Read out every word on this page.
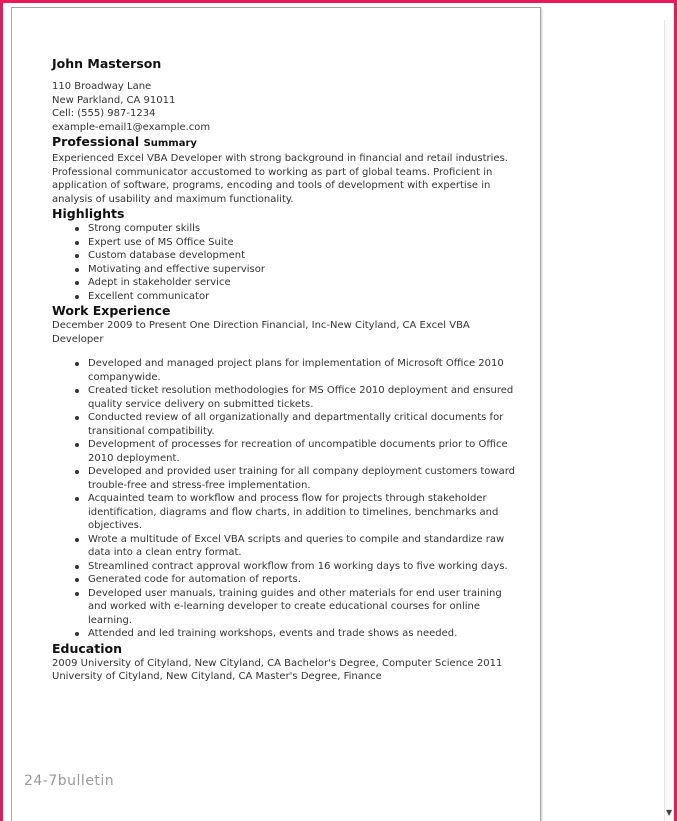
John Masterson
110 Broadway Lane
New Parkland, CA 91011
Cell: (555) 987-1234
example-email1@example.com
Professional Summary
Experienced Excel VBA Developer with strong background in financial and retail industries. Professional communicator accustomed to working as part of global teams. Proficient in application of software, programs, encoding and tools of development with expertise in analysis of usability and maximum functionality.
Highlights
Strong computer skills
Expert use of MS Office Suite
Custom database development
Motivating and effective supervisor
Adept in stakeholder service
Excellent communicator
Work Experience
December 2009 to Present One Direction Financial, Inc-New Cityland, CA Excel VBA Developer
Developed and managed project plans for implementation of Microsoft Office 2010 companywide.
Created ticket resolution methodologies for MS Office 2010 deployment and ensured quality service delivery on submitted tickets.
Conducted review of all organizationally and departmentally critical documents for transitional compatibility.
Development of processes for recreation of uncompatible documents prior to Office 2010 deployment.
Developed and provided user training for all company deployment customers toward trouble-free and stress-free implementation.
Acquainted team to workflow and process flow for projects through stakeholder identification, diagrams and flow charts, in addition to timelines, benchmarks and objectives.
Wrote a multitude of Excel VBA scripts and queries to compile and standardize raw data into a clean entry format.
Streamlined contract approval workflow from 16 working days to five working days.
Generated code for automation of reports.
Developed user manuals, training guides and other materials for end user training and worked with e-learning developer to create educational courses for online learning.
Attended and led training workshops, events and trade shows as needed.
Education
2009 University of Cityland, New Cityland, CA Bachelor's Degree, Computer Science 2011
University of Cityland, New Cityland, CA Master's Degree, Finance
▼
24-7bulletin
